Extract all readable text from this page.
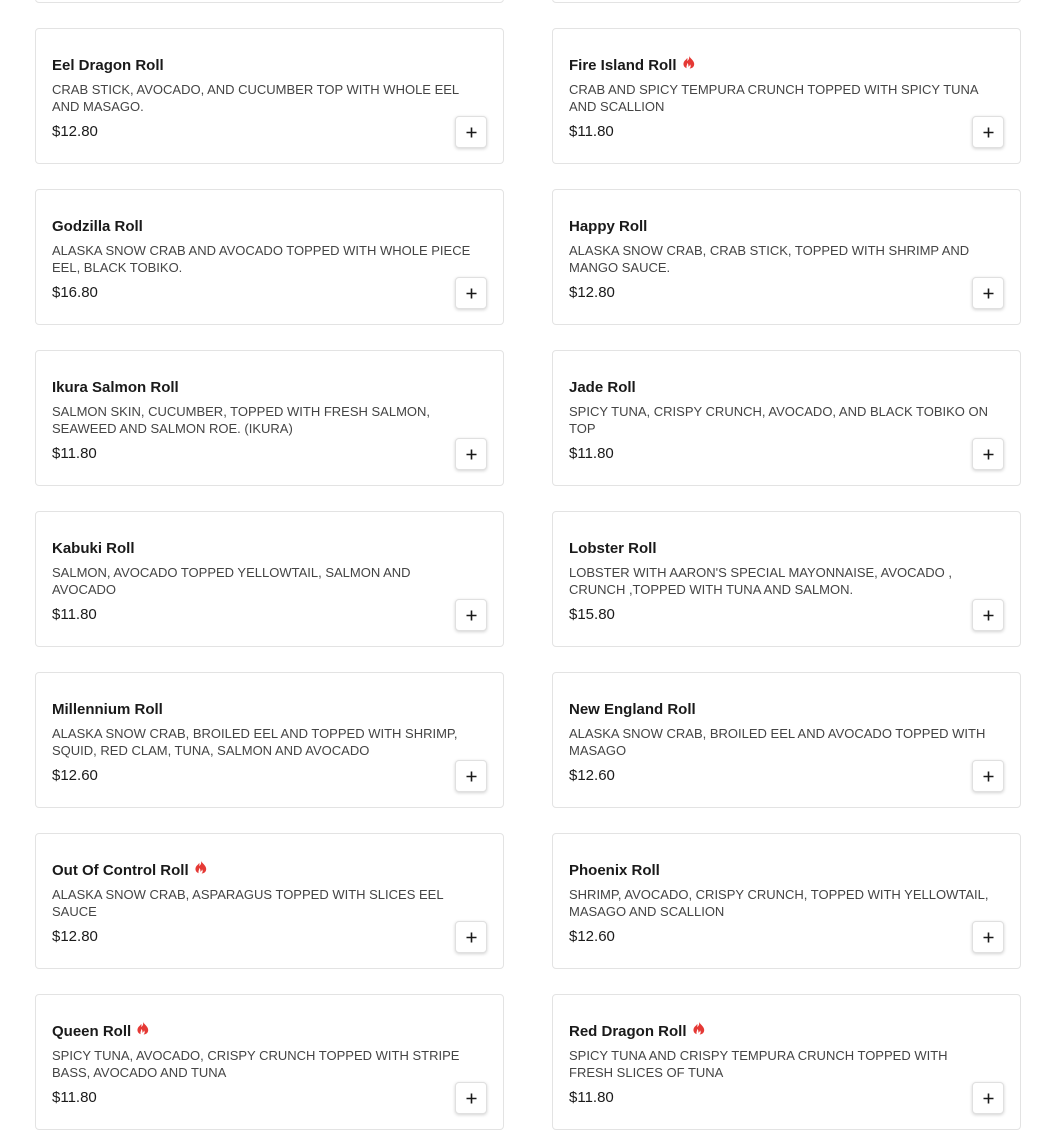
Eel Dragon Roll
CRAB STICK, AVOCADO, AND CUCUMBER TOP WITH WHOLE EEL AND MASAGO.
$12.80
Fire Island Roll
CRAB AND SPICY TEMPURA CRUNCH TOPPED WITH SPICY TUNA AND SCALLION
$11.80
Godzilla Roll
ALASKA SNOW CRAB AND AVOCADO TOPPED WITH WHOLE PIECE EEL, BLACK TOBIKO.
$16.80
Happy Roll
ALASKA SNOW CRAB, CRAB STICK, TOPPED WITH SHRIMP AND MANGO SAUCE.
$12.80
Ikura Salmon Roll
SALMON SKIN, CUCUMBER, TOPPED WITH FRESH SALMON, SEAWEED AND SALMON ROE. (IKURA)
$11.80
Jade Roll
SPICY TUNA, CRISPY CRUNCH, AVOCADO, AND BLACK TOBIKO ON TOP
$11.80
Kabuki Roll
SALMON, AVOCADO TOPPED YELLOWTAIL, SALMON AND AVOCADO
$11.80
Lobster Roll
LOBSTER WITH AARON'S SPECIAL MAYONNAISE, AVOCADO , CRUNCH ,TOPPED WITH TUNA AND SALMON.
$15.80
Millennium Roll
ALASKA SNOW CRAB, BROILED EEL AND TOPPED WITH SHRIMP, SQUID, RED CLAM, TUNA, SALMON AND AVOCADO
$12.60
New England Roll
ALASKA SNOW CRAB, BROILED EEL AND AVOCADO TOPPED WITH MASAGO
$12.60
Out Of Control Roll
ALASKA SNOW CRAB, ASPARAGUS TOPPED WITH SLICES EEL SAUCE
$12.80
Phoenix Roll
SHRIMP, AVOCADO, CRISPY CRUNCH, TOPPED WITH YELLOWTAIL, MASAGO AND SCALLION
$12.60
Queen Roll
SPICY TUNA, AVOCADO, CRISPY CRUNCH TOPPED WITH STRIPE BASS, AVOCADO AND TUNA
$11.80
Red Dragon Roll
SPICY TUNA AND CRISPY TEMPURA CRUNCH TOPPED WITH FRESH SLICES OF TUNA
$11.80
